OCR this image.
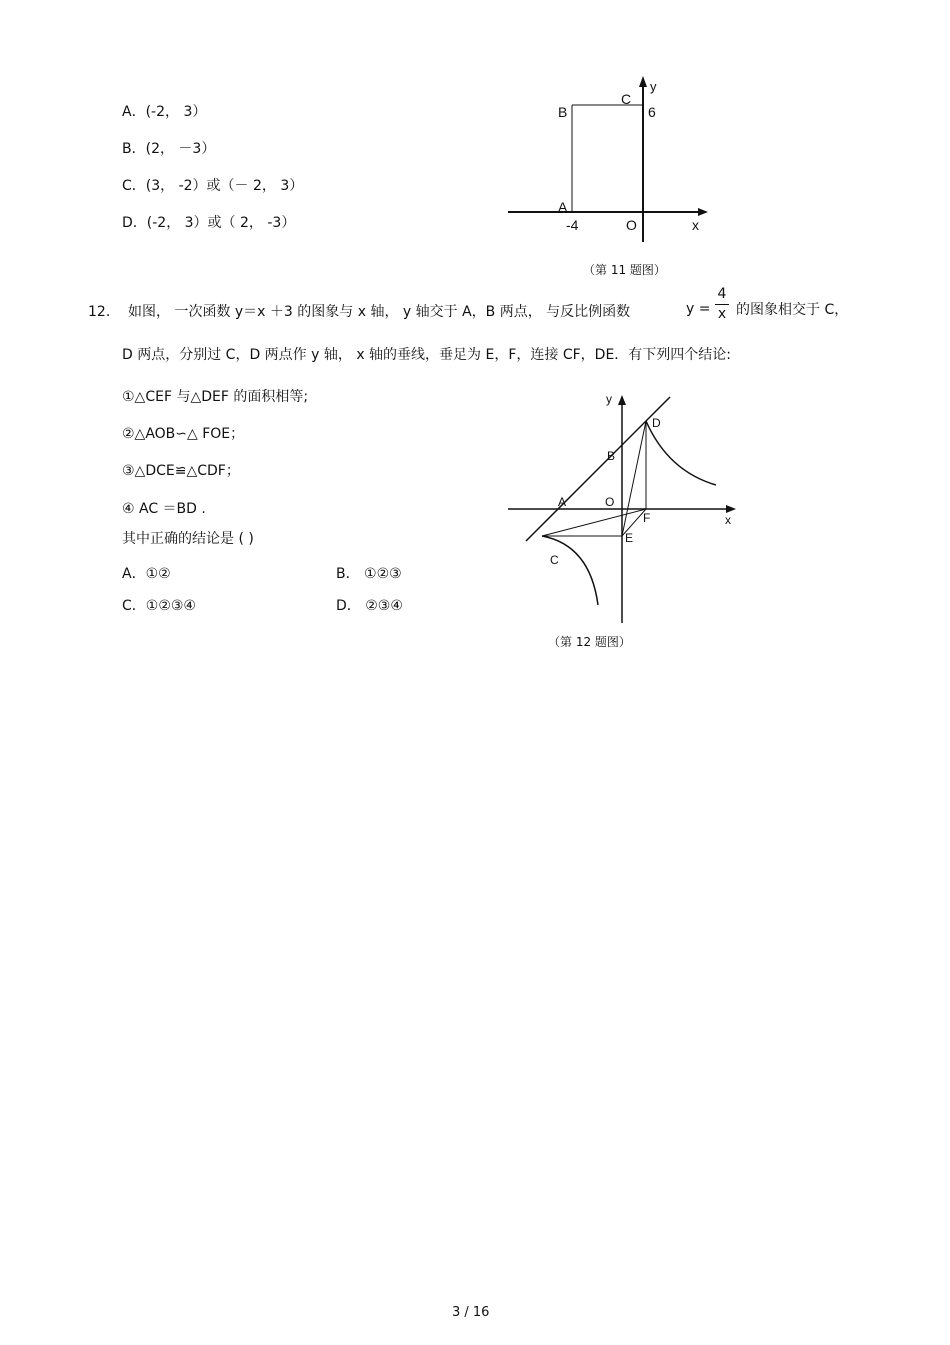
A．(-2， 3）
B．(2， －3）
C．(3， -2）或（－ 2， 3）
D．(-2， 3）或（ 2， -3）
y
C
B	6
A
-4	O	x
（第 11 题图）
12. 如图， 一次函数 y＝x ＋3 的图象与 x 轴， y 轴交于 A，B 两点， 与反比例函数	y =
4
x 的图象相交于 C，
D 两点，分别过 C，D 两点作 y 轴， x 轴的垂线，垂足为 E，F，连接 CF，DE．有下列四个结论:
①△CEF 与△DEF 的面积相等;
②△AOB∽△ FOE；
③△DCE≌△CDF；
④ AC ＝BD .
其中正确的结论是 ( )
A．①②	B． ①②③
C．①②③④	D． ②③④
y
D
B
A	O
F	x
E
C
（第 12 题图）
3 / 16
